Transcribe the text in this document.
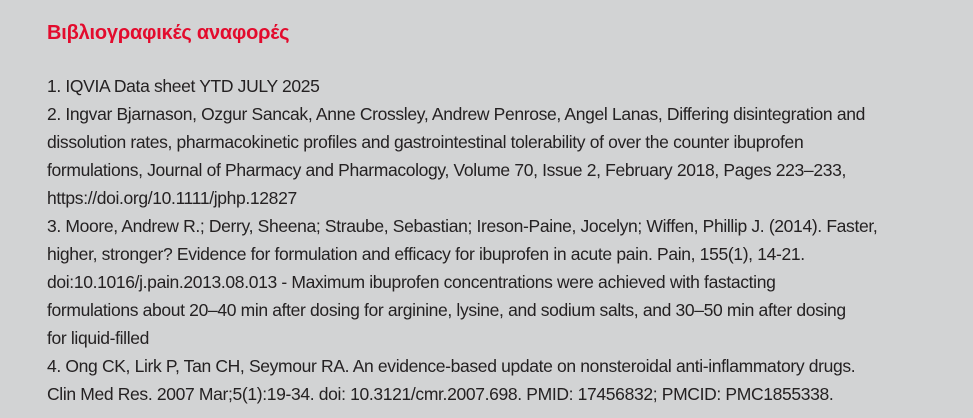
Βιβλιογραφικές αναφορές
1. IQVIA Data sheet YTD JULY 2025
2. Ingvar Bjarnason, Ozgur Sancak, Anne Crossley, Andrew Penrose, Angel Lanas, Differing disintegration and
dissolution rates, pharmacokinetic profiles and gastrointestinal tolerability of over the counter ibuprofen
formulations, Journal of Pharmacy and Pharmacology, Volume 70, Issue 2, February 2018, Pages 223–233,
https://doi.org/10.1111/jphp.12827
3. Moore, Andrew R.; Derry, Sheena; Straube, Sebastian; Ireson-Paine, Jocelyn; Wiffen, Phillip J. (2014). Faster,
higher, stronger? Evidence for formulation and efficacy for ibuprofen in acute pain. Pain, 155(1), 14-21.
doi:10.1016/j.pain.2013.08.013 - Maximum ibuprofen concentrations were achieved with fastacting
formulations about 20–40 min after dosing for arginine, lysine, and sodium salts, and 30–50 min after dosing
for liquid-filled
4. Ong CK, Lirk P, Tan CH, Seymour RA. An evidence-based update on nonsteroidal anti-inflammatory drugs.
Clin Med Res. 2007 Mar;5(1):19-34. doi: 10.3121/cmr.2007.698. PMID: 17456832; PMCID: PMC1855338.
